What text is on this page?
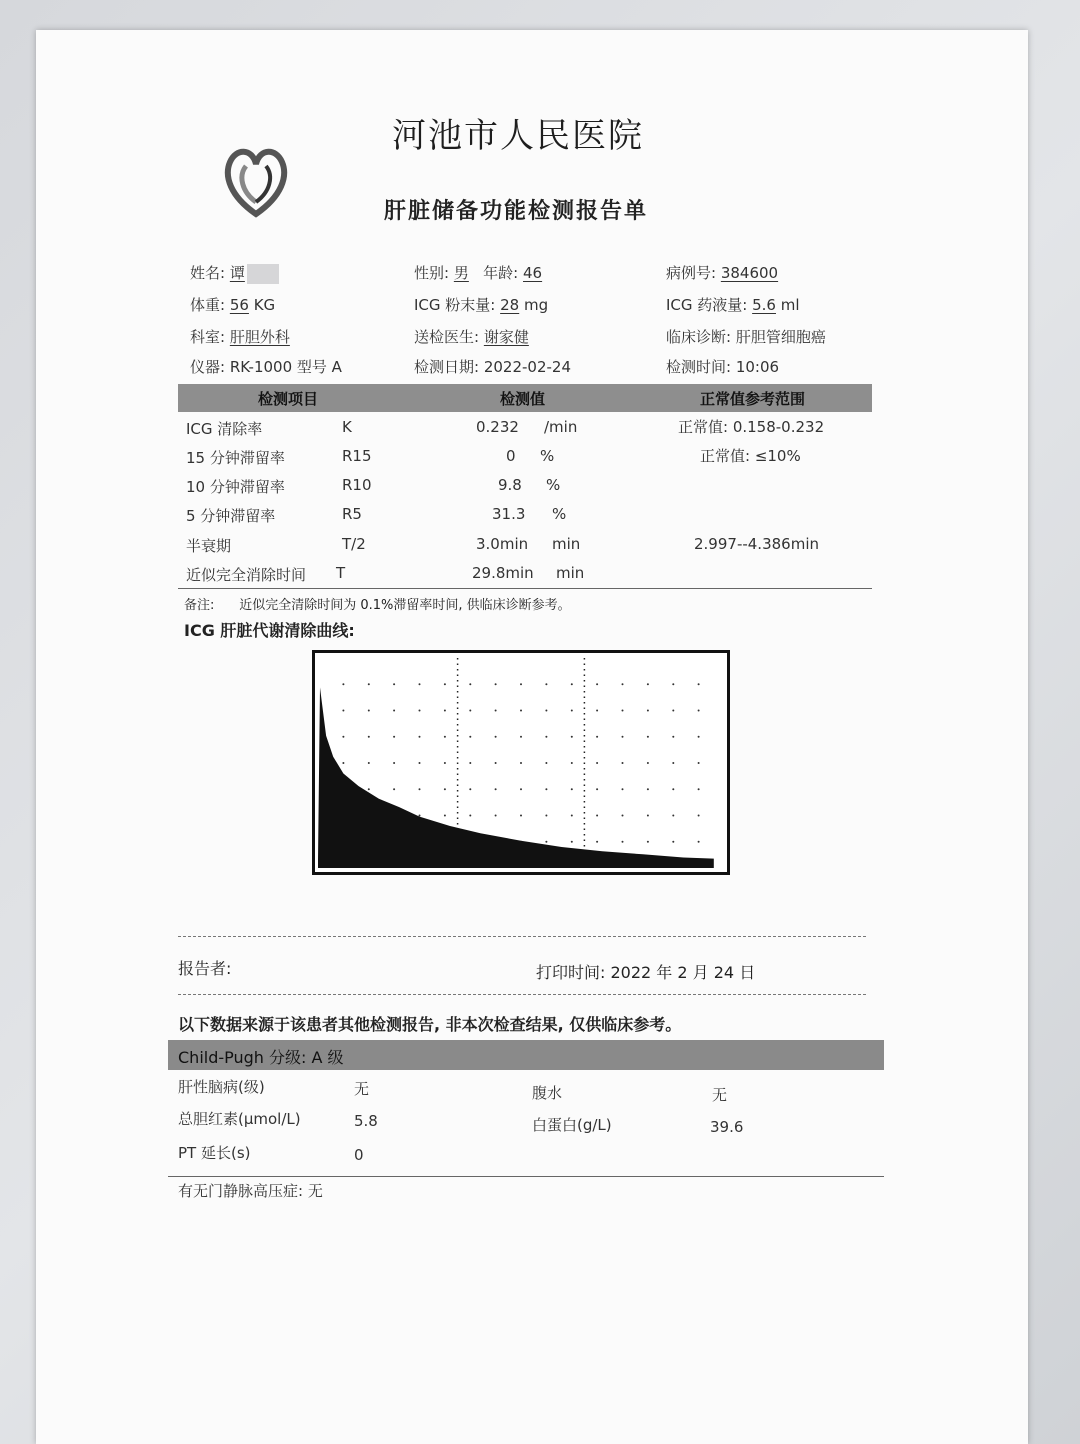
河池市人民医院
肝脏储备功能检测报告单
姓名: 谭	性别: 男 年龄: 46	病例号: 384600
体重: 56 KG	ICG 粉末量: 28 mg	ICG 药液量: 5.6 ml
科室: 肝胆外科	送检医生: 谢家健	临床诊断: 肝胆管细胞癌
仪器: RK-1000 型号 A	检测日期: 2022-02-24	检测时间: 10:06
检测项目	检测值	正常值参考范围
ICG 清除率	K	0.232 /min	正常值: 0.158-0.232
15 分钟滞留率	R15	0 %	正常值: ≤10%
10 分钟滞留率	R10	9.8 %
5 分钟滞留率	R5	31.3 %
半衰期	T/2	3.0min min	2.997--4.386min
近似完全消除时间 T	29.8min min
备注: 近似完全清除时间为 0.1%滞留率时间, 供临床诊断参考。
ICG 肝脏代谢清除曲线:
报告者:	打印时间: 2022 年 2 月 24 日
以下数据来源于该患者其他检测报告, 非本次检查结果, 仅供临床参考。
Child-Pugh 分级: A 级
肝性脑病(级)	无	腹水	无
总胆红素(μmol/L)	5.8	白蛋白(g/L)	39.6
PT 延长(s)	0
有无门静脉高压症: 无
